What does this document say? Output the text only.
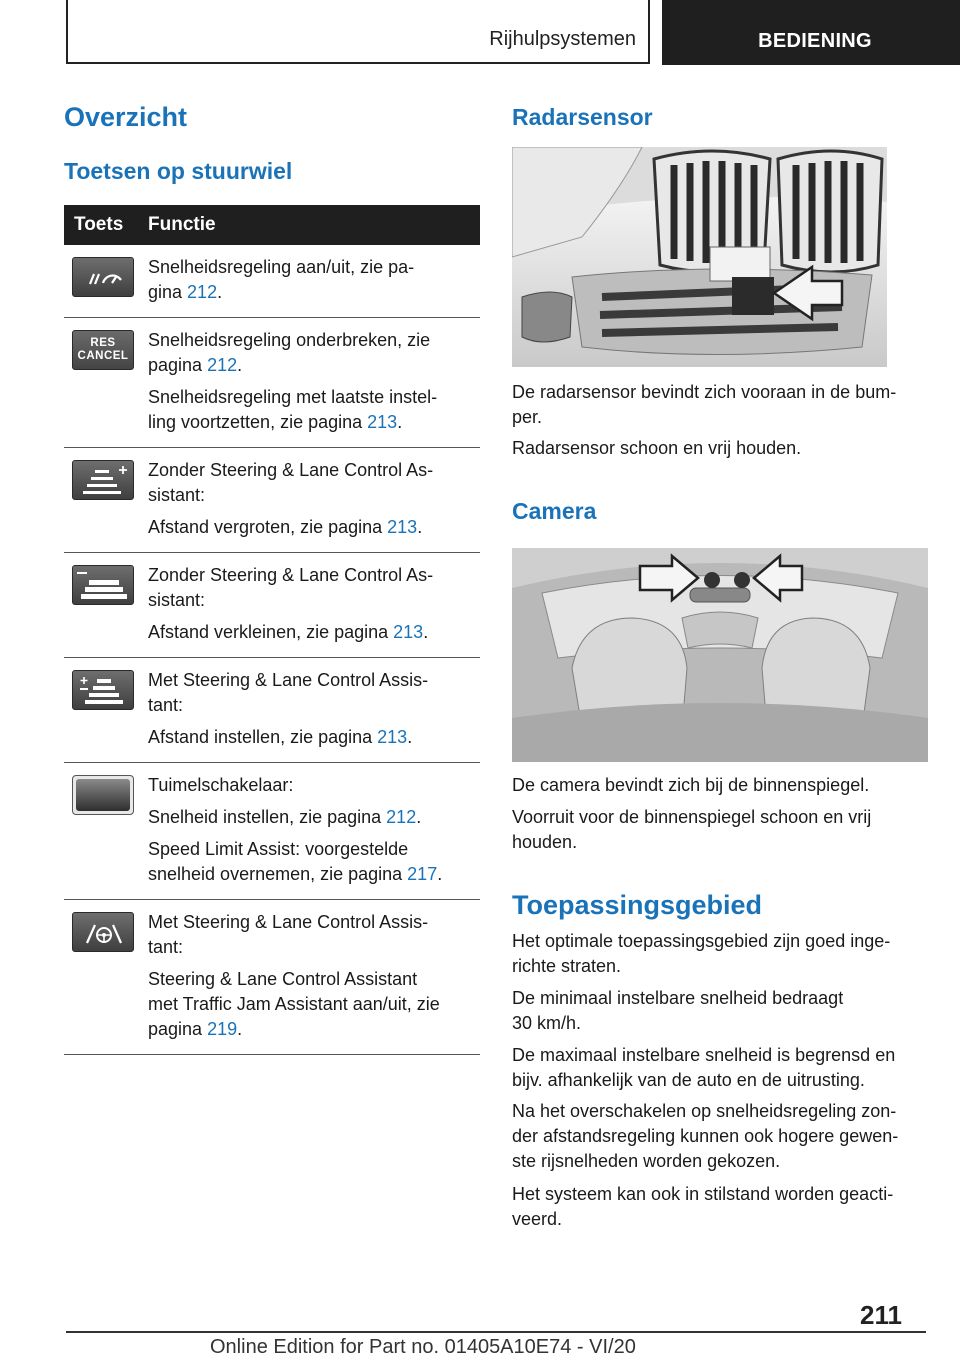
Rijhulpsystemen	BEDIENING
Overzicht
Toetsen op stuurwiel
Toets	Functie

Snelheidsregeling aan/uit, zie pa-
gina 212.

RES
CANCEL

Snelheidsregeling onderbreken, zie pagina 212.

Snelheidsregeling met laatste instel-
ling voortzetten, zie pagina 213.

Zonder Steering & Lane Control As-
sistant:

Afstand vergroten, zie pagina 213.

Zonder Steering & Lane Control As-
sistant:

Afstand verkleinen, zie pagina 213.

Met Steering & Lane Control Assis-
tant:

Afstand instellen, zie pagina 213.

Tuimelschakelaar:

Snelheid instellen, zie pagina 212.

Speed Limit Assist: voorgestelde
snelheid overnemen, zie pagina 217.

Met Steering & Lane Control Assis-
tant:

Steering & Lane Control Assistant
met Traffic Jam Assistant aan/uit, zie
pagina 219.

Radarsensor
De radarsensor bevindt zich vooraan in de bum-
per.
Radarsensor schoon en vrij houden.
Camera
De camera bevindt zich bij de binnenspiegel.
Voorruit voor de binnenspiegel schoon en vrij
houden.
Toepassingsgebied
Het optimale toepassingsgebied zijn goed inge-
richte straten.
De minimaal instelbare snelheid bedraagt
30 km/h.
De maximaal instelbare snelheid is begrensd en
bijv. afhankelijk van de auto en de uitrusting.
Na het overschakelen op snelheidsregeling zon-
der afstandsregeling kunnen ook hogere gewen-
ste rijsnelheden worden gekozen.
Het systeem kan ook in stilstand worden geacti-
veerd.
211
Online Edition for Part no. 01405A10E74 - VI/20
